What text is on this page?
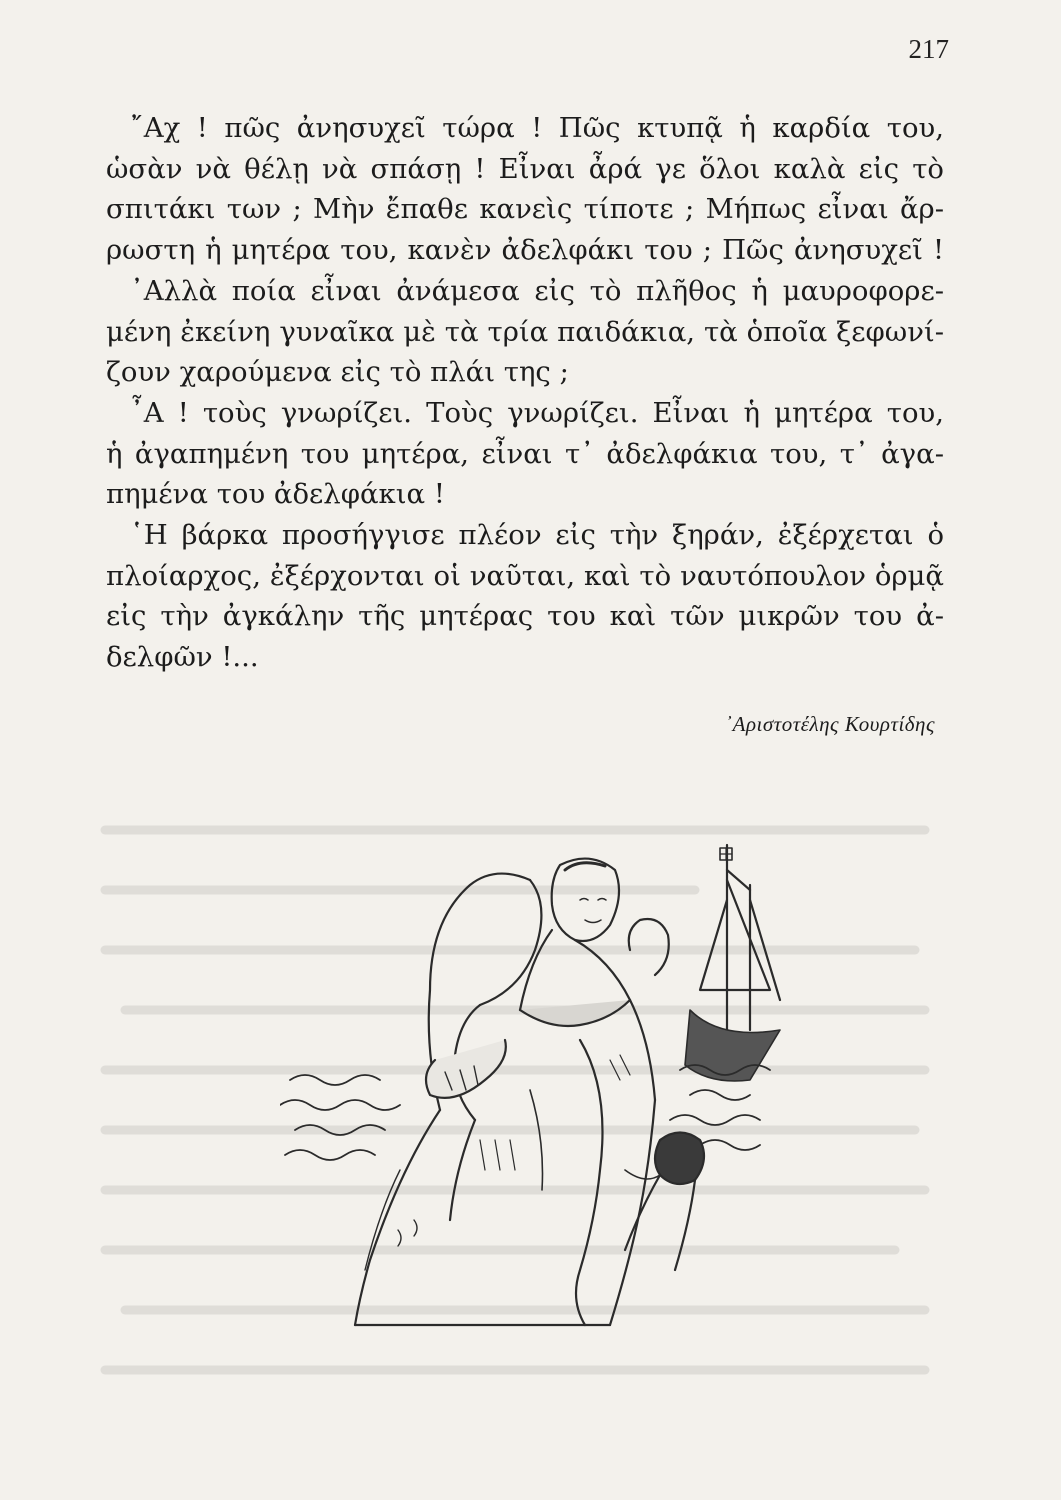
217

῎Αχ ! πῶς ἀνησυχεῖ τώρα ! Πῶς κτυπᾷ ἡ καρδία του,
ὡσὰν νὰ θέλῃ νὰ σπάσῃ ! Εἶναι ἆρά γε ὅλοι καλὰ εἰς τὸ
σπιτάκι των ; Μὴν ἔπαθε κανεὶς τίποτε ; Μήπως εἶναι ἄρ-
ρωστη ἡ μητέρα του, κανὲν ἀδελφάκι του ; Πῶς ἀνησυχεῖ !

᾿Αλλὰ ποία εἶναι ἀνάμεσα εἰς τὸ πλῆθος ἡ μαυροφορε-
μένη ἐκείνη γυναῖκα μὲ τὰ τρία παιδάκια, τὰ ὁποῖα ξεφωνί-
ζουν χαρούμενα εἰς τὸ πλάι της ;

῏Α ! τοὺς γνωρίζει. Τοὺς γνωρίζει. Εἶναι ἡ μητέρα του,
ἡ ἀγαπημένη του μητέρα, εἶναι τ᾿ ἀδελφάκια του, τ᾿ ἀγα-
πημένα του ἀδελφάκια !

῾Η βάρκα προσήγγισε πλέον εἰς τὴν ξηράν, ἐξέρχεται ὁ
πλοίαρχος, ἐξέρχονται οἱ ναῦται, καὶ τὸ ναυτόπουλον ὁρμᾷ
εἰς τὴν ἀγκάλην τῆς μητέρας του καὶ τῶν μικρῶν του ἀ-
δελφῶν !...

᾿Αριστοτέλης Κουρτίδης
